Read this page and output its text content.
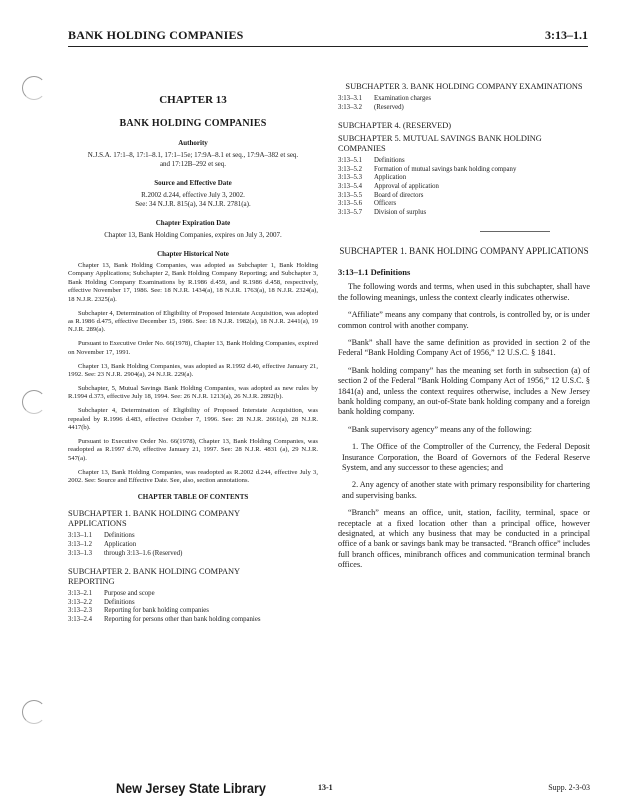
BANK HOLDING COMPANIES	3:13–1.1
CHAPTER 13
BANK HOLDING COMPANIES
Authority
N.J.S.A. 17:1–8, 17:1–8.1, 17:1–15e; 17:9A–8.1 et seq., 17:9A–382 et seq. and 17:12B–292 et seq.
Source and Effective Date
R.2002 d.244, effective July 3, 2002.
See: 34 N.J.R. 815(a), 34 N.J.R. 2781(a).
Chapter Expiration Date
Chapter 13, Bank Holding Companies, expires on July 3, 2007.
Chapter Historical Note

Chapter 13, Bank Holding Companies, was adopted as Subchapter 1, Bank Holding Company Applications; Subchapter 2, Bank Holding Company Reporting; and Subchapter 3, Bank Holding Company Examinations by R.1986 d.459, and R.1986 d.458, respectively, effective November 17, 1986. See: 18 N.J.R. 1434(a), 18 N.J.R. 1763(a), 18 N.J.R. 2324(a), 18 N.J.R. 2325(a).

Subchapter 4, Determination of Eligibility of Proposed Interstate Acquisition, was adopted as R.1986 d.475, effective December 15, 1986. See: 18 N.J.R. 1982(a), 18 N.J.R. 2441(a), 19 N.J.R. 289(a).

Pursuant to Executive Order No. 66(1978), Chapter 13, Bank Holding Companies, expired on November 17, 1991.

Chapter 13, Bank Holding Companies, was adopted as R.1992 d.40, effective January 21, 1992. See: 23 N.J.R. 2904(a), 24 N.J.R. 229(a).

Subchapter, 5, Mutual Savings Bank Holding Companies, was adopted as new rules by R.1994 d.373, effective July 18, 1994. See: 26 N.J.R. 1213(a), 26 N.J.R. 2892(b).

Subchapter 4, Determination of Eligibility of Proposed Interstate Acquisition, was repealed by R.1996 d.483, effective October 7, 1996. See: 28 N.J.R. 2661(a), 28 N.J.R. 4417(b).

Pursuant to Executive Order No. 66(1978), Chapter 13, Bank Holding Companies, was readopted as R.1997 d.70, effective January 21, 1997. See: 28 N.J.R. 4831 (a), 29 N.J.R. 547(a).

Chapter 13, Bank Holding Companies, was readopted as R.2002 d.244, effective July 3, 2002. See: Source and Effective Date. See, also, section annotations.

CHAPTER TABLE OF CONTENTS
SUBCHAPTER 1. BANK HOLDING COMPANY APPLICATIONS
3:13–1.1	Definitions
3:13–1.2	Application
3:13–1.3	through 3:13–1.6 (Reserved)
SUBCHAPTER 2. BANK HOLDING COMPANY REPORTING
3:13–2.1	Purpose and scope
3:13–2.2	Definitions
3:13–2.3	Reporting for bank holding companies
3:13–2.4	Reporting for persons other than bank holding companies
SUBCHAPTER 3. BANK HOLDING COMPANY EXAMINATIONS
3:13–3.1	Examination charges
3:13–3.2	(Reserved)
SUBCHAPTER 4. (RESERVED)
SUBCHAPTER 5. MUTUAL SAVINGS BANK HOLDING COMPANIES
3:13–5.1	Definitions
3:13–5.2	Formation of mutual savings bank holding company
3:13–5.3	Application
3:13–5.4	Approval of application
3:13–5.5	Board of directors
3:13–5.6	Officers
3:13–5.7	Division of surplus
SUBCHAPTER 1. BANK HOLDING COMPANY APPLICATIONS
3:13–1.1 Definitions

The following words and terms, when used in this subchapter, shall have the following meanings, unless the context clearly indicates otherwise.

“Affiliate” means any company that controls, is controlled by, or is under common control with another company.

“Bank” shall have the same definition as provided in section 2 of the Federal “Bank Holding Company Act of 1956,” 12 U.S.C. § 1841.

“Bank holding company” has the meaning set forth in subsection (a) of section 2 of the Federal “Bank Holding Company Act of 1956,” 12 U.S.C. § 1841(a) and, unless the context requires otherwise, includes a New Jersey bank holding company, an out-of-State bank holding company and a foreign bank holding company.

“Bank supervisory agency” means any of the following:

1. The Office of the Comptroller of the Currency, the Federal Deposit Insurance Corporation, the Board of Governors of the Federal Reserve System, and any successor to these agencies; and

2. Any agency of another state with primary responsibility for chartering and supervising banks.

“Branch” means an office, unit, station, facility, terminal, space or receptacle at a fixed location other than a principal office, however designated, at which any business that may be conducted in a principal office of a bank or savings bank may be transacted. “Branch office” includes full branch offices, minibranch offices and communication terminal branch offices.

New Jersey State Library	13-1	Supp. 2-3-03
